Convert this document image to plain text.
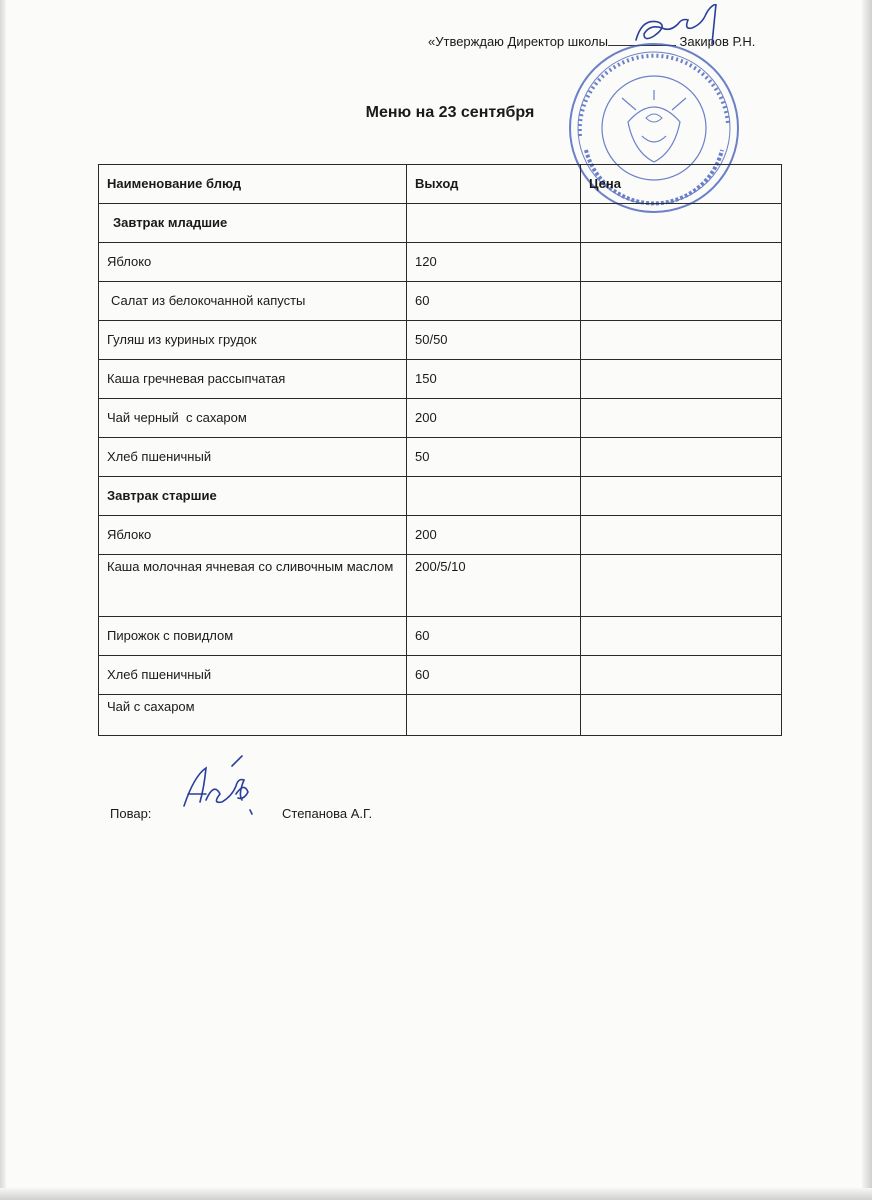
«Утверждаю Директор школы	Закиров Р.Н.
Меню на 23 сентября
Наименование блюд	Выход	Цена
Завтрак младшие		
Яблоко	120	
Салат из белокочанной капусты	60	
Гуляш из куриных грудок	50/50	
Каша гречневая рассыпчатая	150	
Чай черный  с сахаром	200	
Хлеб пшеничный	50	
Завтрак старшие		
Яблоко	200	
Каша молочная ячневая со сливочным маслом	200/5/10	
Пирожок с повидлом	60	
Хлеб пшеничный	60	
Чай с сахаром		
Повар:	Степанова А.Г.
